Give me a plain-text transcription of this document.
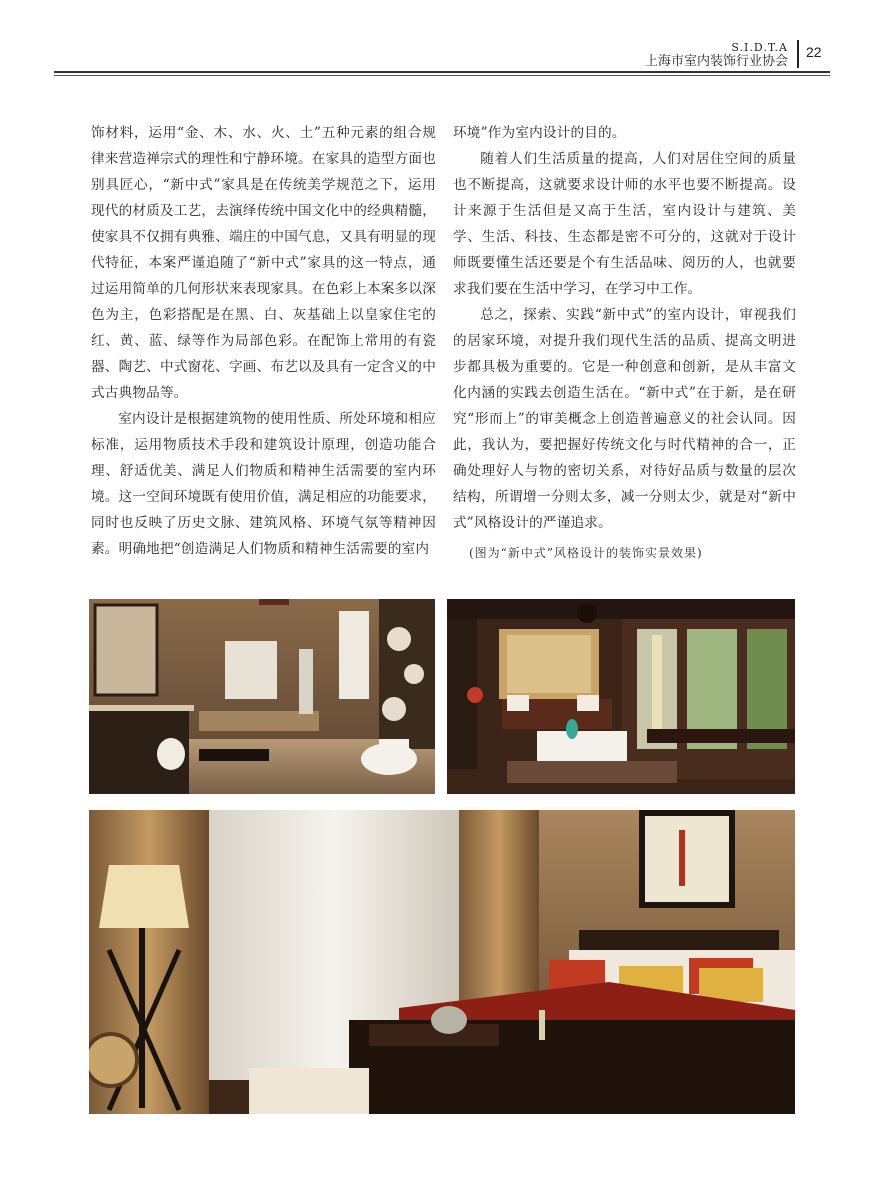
S.I.D.T.A
上海市室内装饰行业协会
22

饰材料，运用“金、木、水、火、土”五种元素的组合规律来营造禅宗式的理性和宁静环境。在家具的造型方面也别具匠心，“新中式”家具是在传统美学规范之下，运用现代的材质及工艺，去演绎传统中国文化中的经典精髓，使家具不仅拥有典雅、端庄的中国气息，又具有明显的现代特征，本案严谨追随了“新中式”家具的这一特点，通过运用简单的几何形状来表现家具。在色彩上本案多以深色为主，色彩搭配是在黑、白、灰基础上以皇家住宅的红、黄、蓝、绿等作为局部色彩。在配饰上常用的有瓷器、陶艺、中式窗花、字画、布艺以及具有一定含义的中式古典物品等。

室内设计是根据建筑物的使用性质、所处环境和相应标准，运用物质技术手段和建筑设计原理，创造功能合理、舒适优美、满足人们物质和精神生活需要的室内环境。这一空间环境既有使用价值，满足相应的功能要求，同时也反映了历史文脉、建筑风格、环境气氛等精神因素。明确地把“创造满足人们物质和精神生活需要的室内

环境”作为室内设计的目的。

随着人们生活质量的提高，人们对居住空间的质量也不断提高，这就要求设计师的水平也要不断提高。设计来源于生活但是又高于生活，室内设计与建筑、美学、生活、科技、生态都是密不可分的，这就对于设计师既要懂生活还要是个有生活品味、阅历的人，也就要求我们要在生活中学习，在学习中工作。

总之，探索、实践“新中式”的室内设计，审视我们的居家环境，对提升我们现代生活的品质、提高文明进步都具极为重要的。它是一种创意和创新，是从丰富文化内涵的实践去创造生活在。“新中式”在于新，是在研究“形而上”的审美概念上创造普遍意义的社会认同。因此，我认为，要把握好传统文化与时代精神的合一，正确处理好人与物的密切关系，对待好品质与数量的层次结构，所谓增一分则太多，减一分则太少，就是对“新中式”风格设计的严谨追求。

(图为“新中式”风格设计的装饰实景效果)
